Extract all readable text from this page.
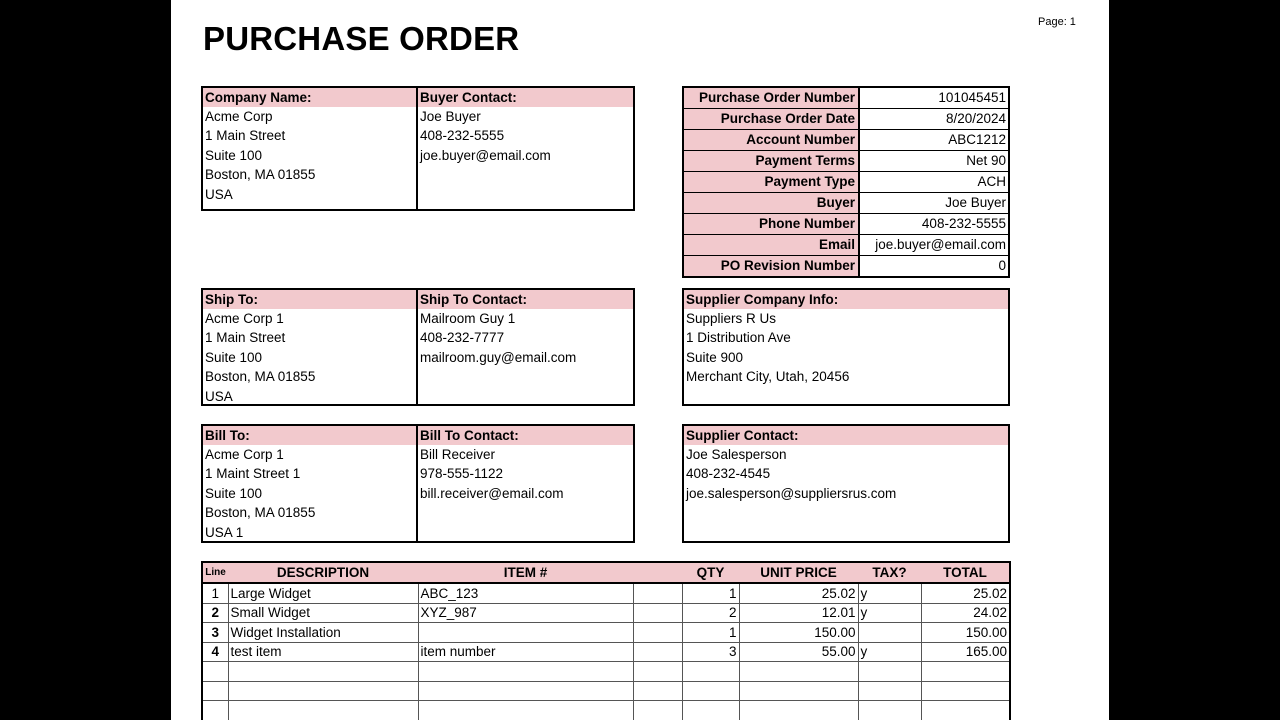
PURCHASE ORDER	Page: 1
Company Name:
Acme Corp
1 Main Street
Suite 100
Boston, MA 01855
USA
Buyer Contact:
Joe Buyer
408-232-5555
joe.buyer@email.com
Purchase Order Number	101045451
Purchase Order Date	8/20/2024
Account Number	ABC1212
Payment Terms	Net 90
Payment Type	ACH
Buyer	Joe Buyer
Phone Number	408-232-5555
Email	joe.buyer@email.com
PO Revision Number	0
Ship To:
Acme Corp 1
1 Main Street
Suite 100
Boston, MA 01855
USA
Ship To Contact:
Mailroom Guy 1
408-232-7777
mailroom.guy@email.com
Supplier Company Info:
Suppliers R Us
1 Distribution Ave
Suite 900
Merchant City, Utah, 20456
Bill To:
Acme Corp 1
1 Maint Street 1
Suite 100
Boston, MA 01855
USA 1
Bill To Contact:
Bill Receiver
978-555-1122
bill.receiver@email.com
Supplier Contact:
Joe Salesperson
408-232-4545
joe.salesperson@suppliersrus.com
Line	DESCRIPTION	ITEM #		QTY	UNIT PRICE	TAX?	TOTAL
1	Large Widget	ABC_123		1	25.02	y	25.02
2	Small Widget	XYZ_987		2	12.01	y	24.02
3	Widget Installation			1	150.00		150.00
4	test item	item number		3	55.00	y	165.00
